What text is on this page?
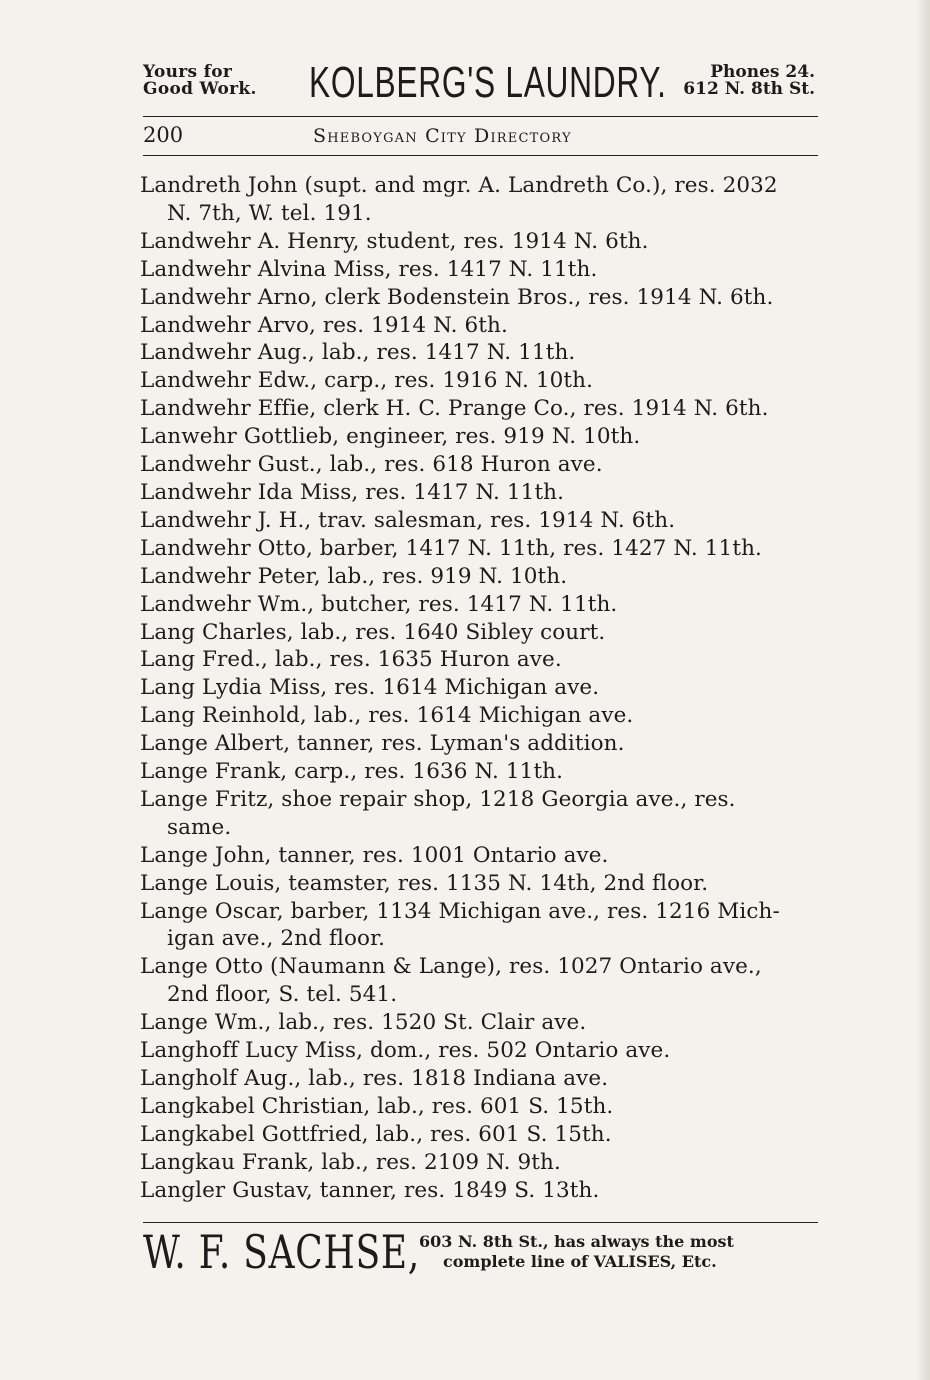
Yours for
Good Work. KOLBERG'S LAUNDRY.	Phones 24.
612 N. 8th St.
200	Sheboygan City Directory
Landreth John (supt. and mgr. A. Landreth Co.), res. 2032
N. 7th, W. tel. 191.
Landwehr A. Henry, student, res. 1914 N. 6th.
Landwehr Alvina Miss, res. 1417 N. 11th.
Landwehr Arno, clerk Bodenstein Bros., res. 1914 N. 6th.
Landwehr Arvo, res. 1914 N. 6th.
Landwehr Aug., lab., res. 1417 N. 11th.
Landwehr Edw., carp., res. 1916 N. 10th.
Landwehr Effie, clerk H. C. Prange Co., res. 1914 N. 6th.
Lanwehr Gottlieb, engineer, res. 919 N. 10th.
Landwehr Gust., lab., res. 618 Huron ave.
Landwehr Ida Miss, res. 1417 N. 11th.
Landwehr J. H., trav. salesman, res. 1914 N. 6th.
Landwehr Otto, barber, 1417 N. 11th, res. 1427 N. 11th.
Landwehr Peter, lab., res. 919 N. 10th.
Landwehr Wm., butcher, res. 1417 N. 11th.
Lang Charles, lab., res. 1640 Sibley court.
Lang Fred., lab., res. 1635 Huron ave.
Lang Lydia Miss, res. 1614 Michigan ave.
Lang Reinhold, lab., res. 1614 Michigan ave.
Lange Albert, tanner, res. Lyman's addition.
Lange Frank, carp., res. 1636 N. 11th.
Lange Fritz, shoe repair shop, 1218 Georgia ave., res.
same.
Lange John, tanner, res. 1001 Ontario ave.
Lange Louis, teamster, res. 1135 N. 14th, 2nd floor.
Lange Oscar, barber, 1134 Michigan ave., res. 1216 Mich-
igan ave., 2nd floor.
Lange Otto (Naumann & Lange), res. 1027 Ontario ave.,
2nd floor, S. tel. 541.
Lange Wm., lab., res. 1520 St. Clair ave.
Langhoff Lucy Miss, dom., res. 502 Ontario ave.
Langholf Aug., lab., res. 1818 Indiana ave.
Langkabel Christian, lab., res. 601 S. 15th.
Langkabel Gottfried, lab., res. 601 S. 15th.
Langkau Frank, lab., res. 2109 N. 9th.
Langler Gustav, tanner, res. 1849 S. 13th.
W. F. SACHSE,
603 N. 8th St., has always the most
complete line of VALISES, Etc.
